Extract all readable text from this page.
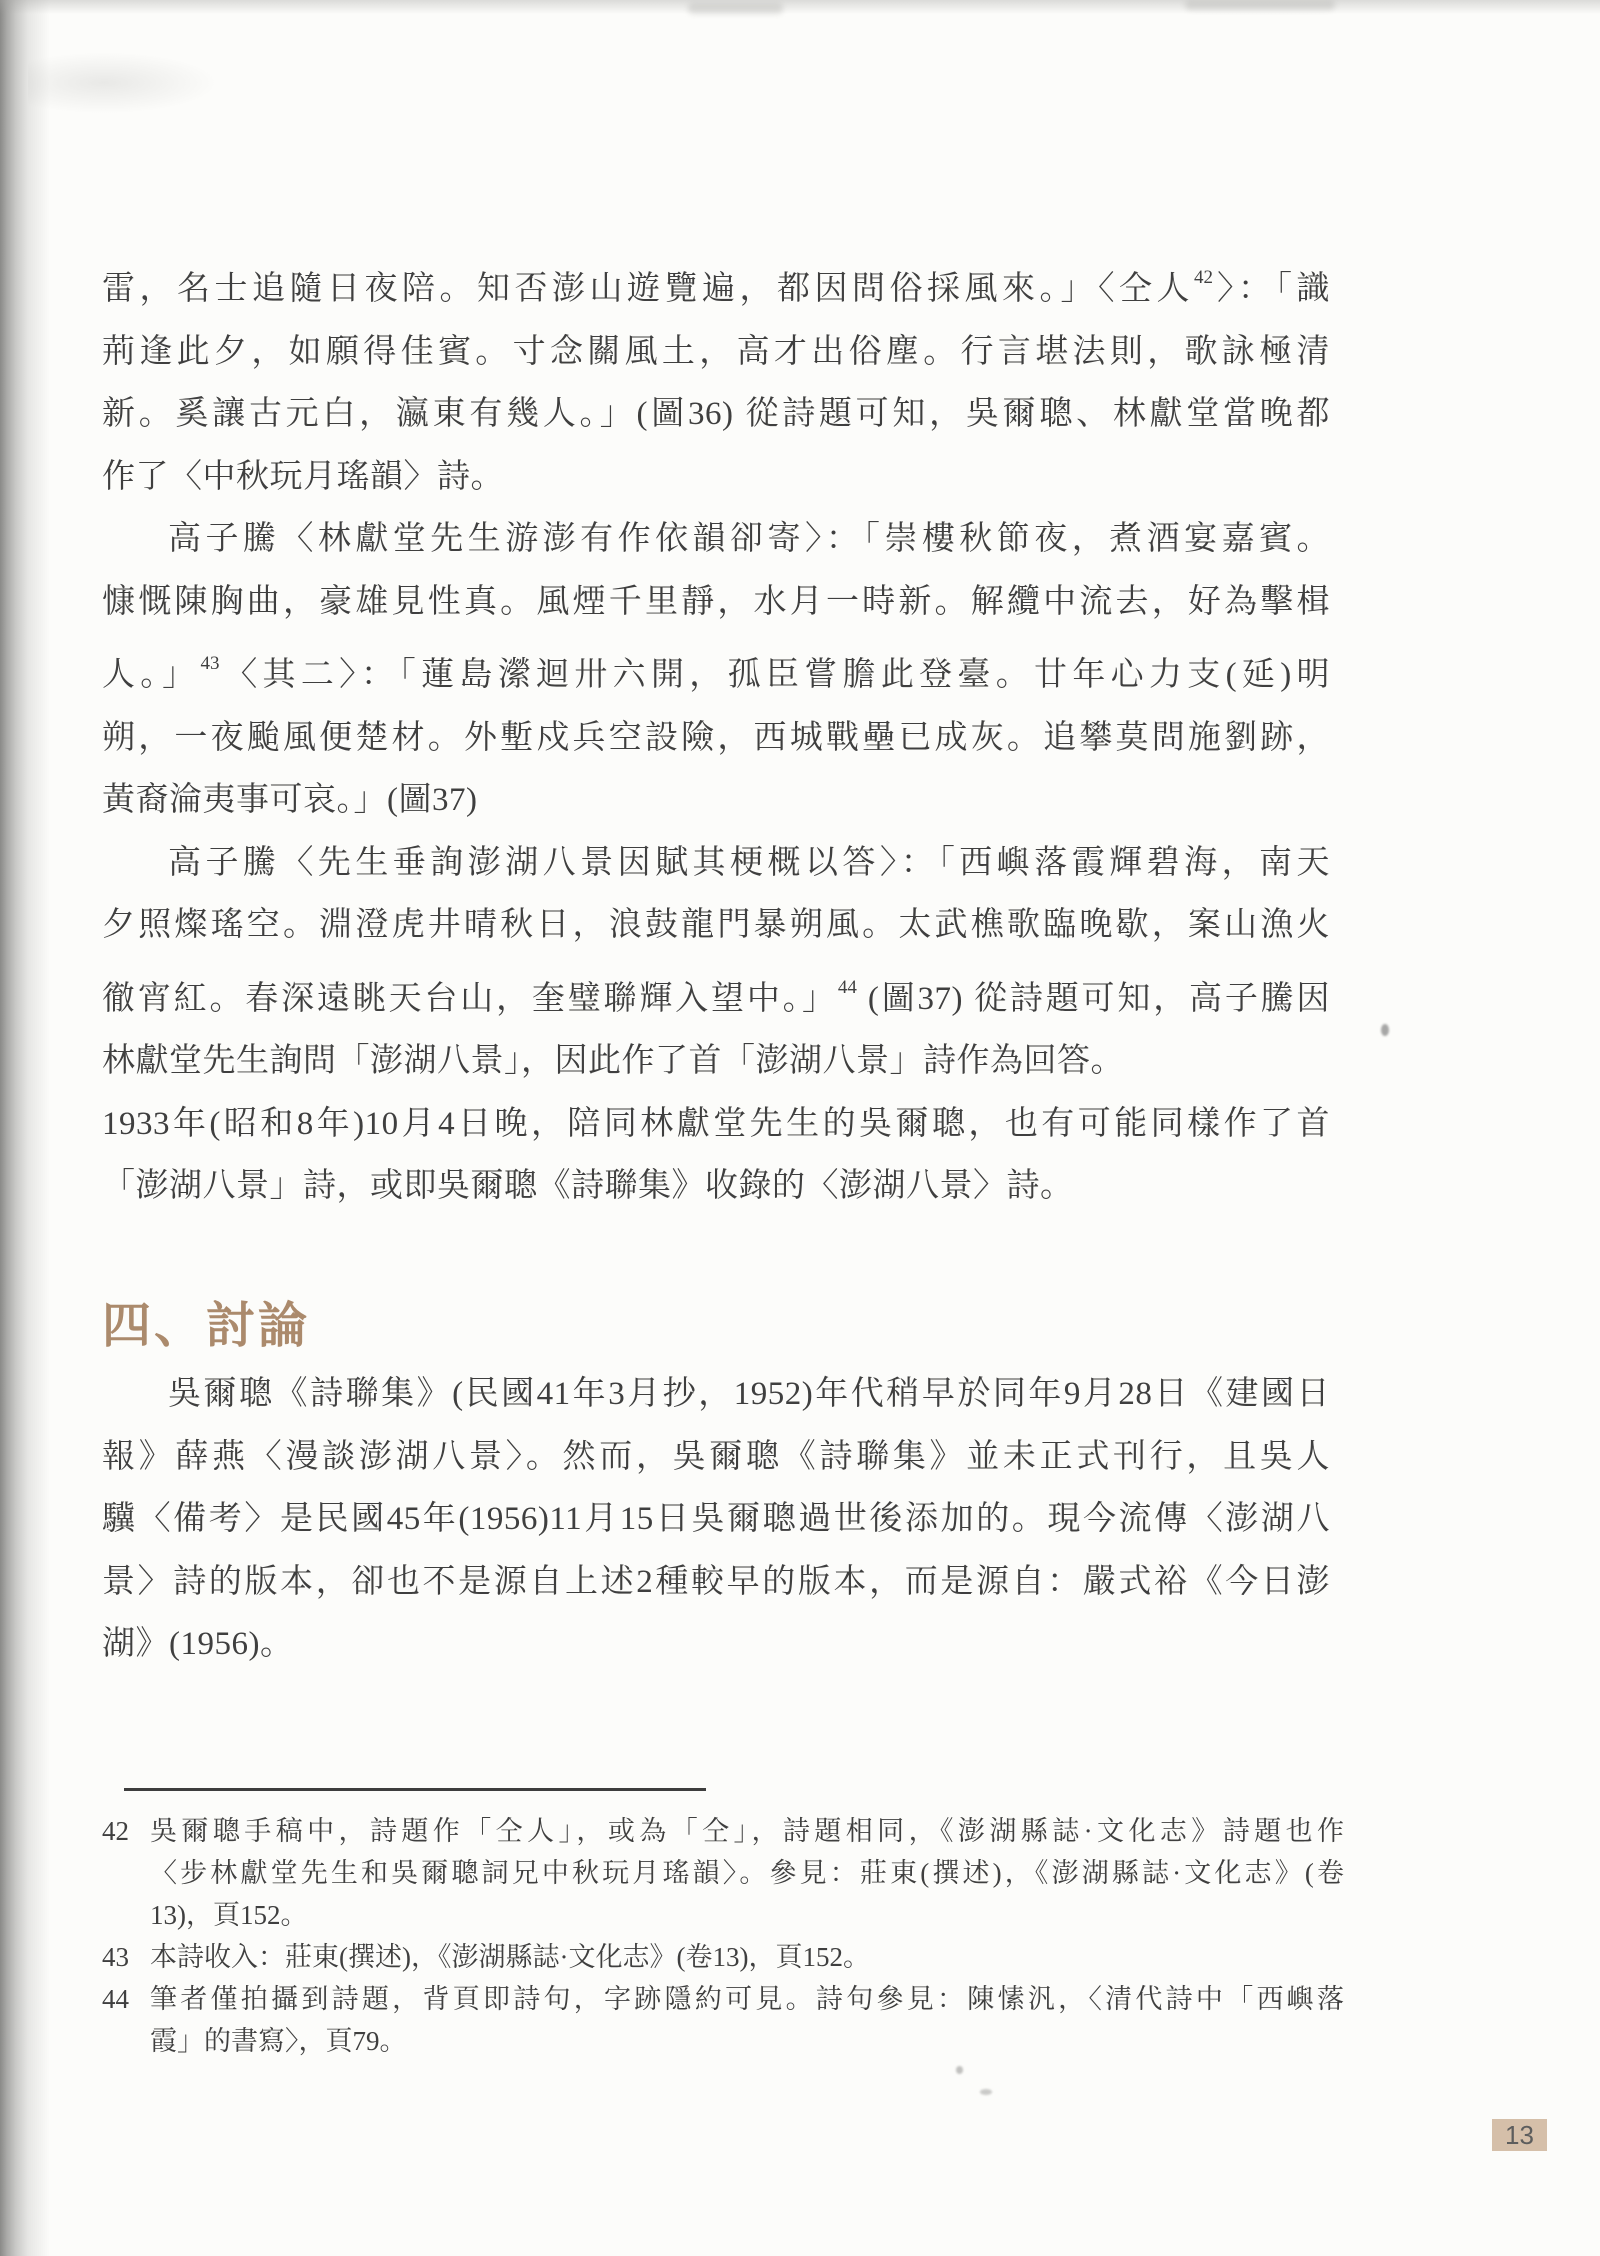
雷，名士追隨日夜陪。知否澎山遊覽遍，都因問俗採風來。」〈仝人$^{42}$〉：「識
荊逢此夕，如願得佳賓。寸念關風土，高才出俗塵。行言堪法則，歌詠極清
新。奚讓古元白，瀛東有幾人。」(圖36) 從詩題可知，吳爾聰、林獻堂當晚都
作了〈中秋玩月瑤韻〉詩。
高子騰〈林獻堂先生游澎有作依韻卻寄〉：「崇樓秋節夜，煮酒宴嘉賓。
慷慨陳胸曲，豪雄見性真。風煙千里靜，水月一時新。解纜中流去，好為擊楫
人。」$^{43}$〈其二〉：「蓮島瀠迴卅六開，孤臣嘗膽此登臺。廿年心力支(延)明
朔，一夜颱風便楚材。外塹戍兵空設險，西城戰壘已成灰。追攀莫問施劉跡，
黃裔淪夷事可哀。」(圖37)
高子騰〈先生垂詢澎湖八景因賦其梗概以答〉：「西嶼落霞輝碧海，南天
夕照燦瑤空。淵澄虎井晴秋日，浪鼓龍門暴朔風。太武樵歌臨晚歇，案山漁火
徹宵紅。春深遠眺天台山，奎璧聯輝入望中。」$^{44}$ (圖37) 從詩題可知，高子騰因
林獻堂先生詢問「澎湖八景」，因此作了首「澎湖八景」詩作為回答。
1933年(昭和8年)10月4日晚，陪同林獻堂先生的吳爾聰，也有可能同樣作了首
「澎湖八景」詩，或即吳爾聰《詩聯集》收錄的〈澎湖八景〉詩。
四、討論
吳爾聰《詩聯集》(民國41年3月抄，1952)年代稍早於同年9月28日《建國日
報》薛燕〈漫談澎湖八景〉。然而，吳爾聰《詩聯集》並未正式刊行，且吳人
驥〈備考〉是民國45年(1956)11月15日吳爾聰過世後添加的。現今流傳〈澎湖八
景〉詩的版本，卻也不是源自上述2種較早的版本，而是源自：嚴式裕《今日澎
湖》(1956)。
42 吳爾聰手稿中，詩題作「仝人」，或為「仝」，詩題相同，《澎湖縣誌·文化志》詩題也作
〈步林獻堂先生和吳爾聰詞兄中秋玩月瑤韻〉。參見：莊東(撰述)，《澎湖縣誌·文化志》(卷
13)，頁152。
43 本詩收入：莊東(撰述)，《澎湖縣誌·文化志》(卷13)，頁152。
44 筆者僅拍攝到詩題，背頁即詩句，字跡隱約可見。詩句參見：陳愫汎，〈清代詩中「西嶼落
霞」的書寫〉，頁79。
13
